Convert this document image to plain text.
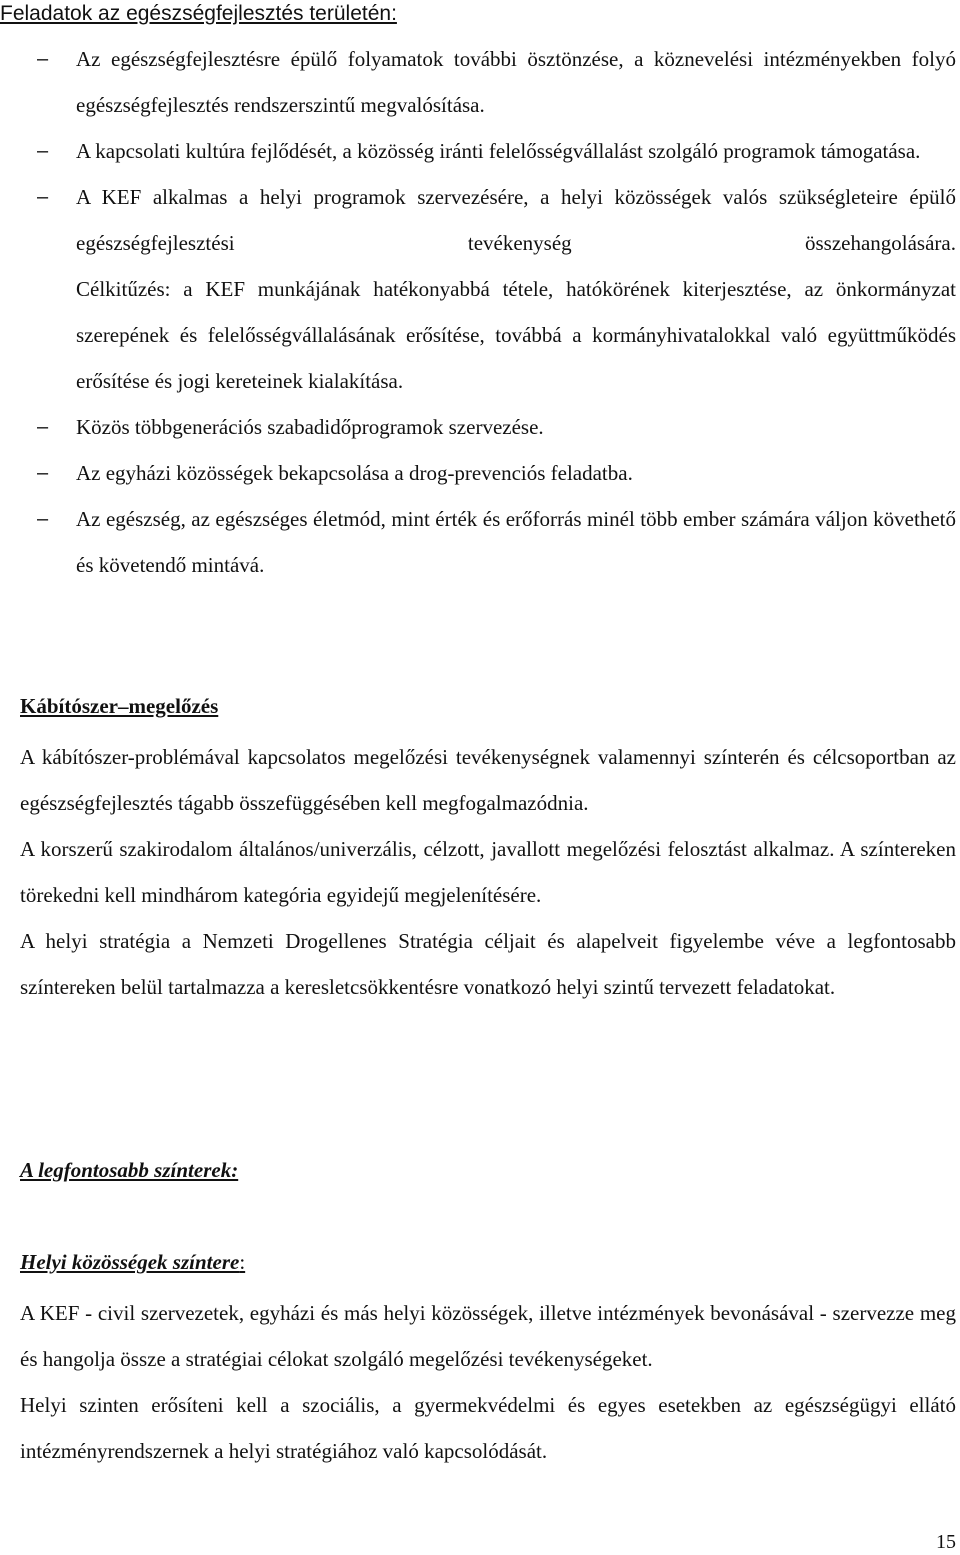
Feladatok az egészségfejlesztés területén:
– Az egészségfejlesztésre épülő folyamatok további ösztönzése, a köznevelési intézményekben folyó egészségfejlesztés rendszerszintű megvalósítása.

– A kapcsolati kultúra fejlődését, a közösség iránti felelősségvállalást szolgáló programok támogatása.

– A KEF alkalmas a helyi programok szervezésére, a helyi közösségek valós szükségleteire épülő egészségfejlesztési tevékenység összehangolására.

Célkitűzés: a KEF munkájának hatékonyabbá tétele, hatókörének kiterjesztése, az önkormányzat szerepének és felelősségvállalásának erősítése, továbbá a kormányhivatalokkal való együttműködés erősítése és jogi kereteinek kialakítása.

– Közös többgenerációs szabadidőprogramok szervezése.

– Az egyházi közösségek bekapcsolása a drog-prevenciós feladatba.

– Az egészség, az egészséges életmód, mint érték és erőforrás minél több ember számára váljon követhető és követendő mintává.

Kábítószer–megelőzés

A kábítószer-problémával kapcsolatos megelőzési tevékenységnek valamennyi színterén és célcsoportban az egészségfejlesztés tágabb összefüggésében kell megfogalmazódnia.

A korszerű szakirodalom általános/univerzális, célzott, javallott megelőzési felosztást alkalmaz. A színtereken törekedni kell mindhárom kategória egyidejű megjelenítésére.

A helyi stratégia a Nemzeti Drogellenes Stratégia céljait és alapelveit figyelembe véve a legfontosabb színtereken belül tartalmazza a keresletcsökkentésre vonatkozó helyi szintű tervezett feladatokat.

A legfontosabb színterek:
Helyi közösségek színtere:

A KEF - civil szervezetek, egyházi és más helyi közösségek, illetve intézmények bevonásával - szervezze meg és hangolja össze a stratégiai célokat szolgáló megelőzési tevékenységeket.

Helyi szinten erősíteni kell a szociális, a gyermekvédelmi és egyes esetekben az egészségügyi ellátó intézményrendszernek a helyi stratégiához való kapcsolódását.

15
